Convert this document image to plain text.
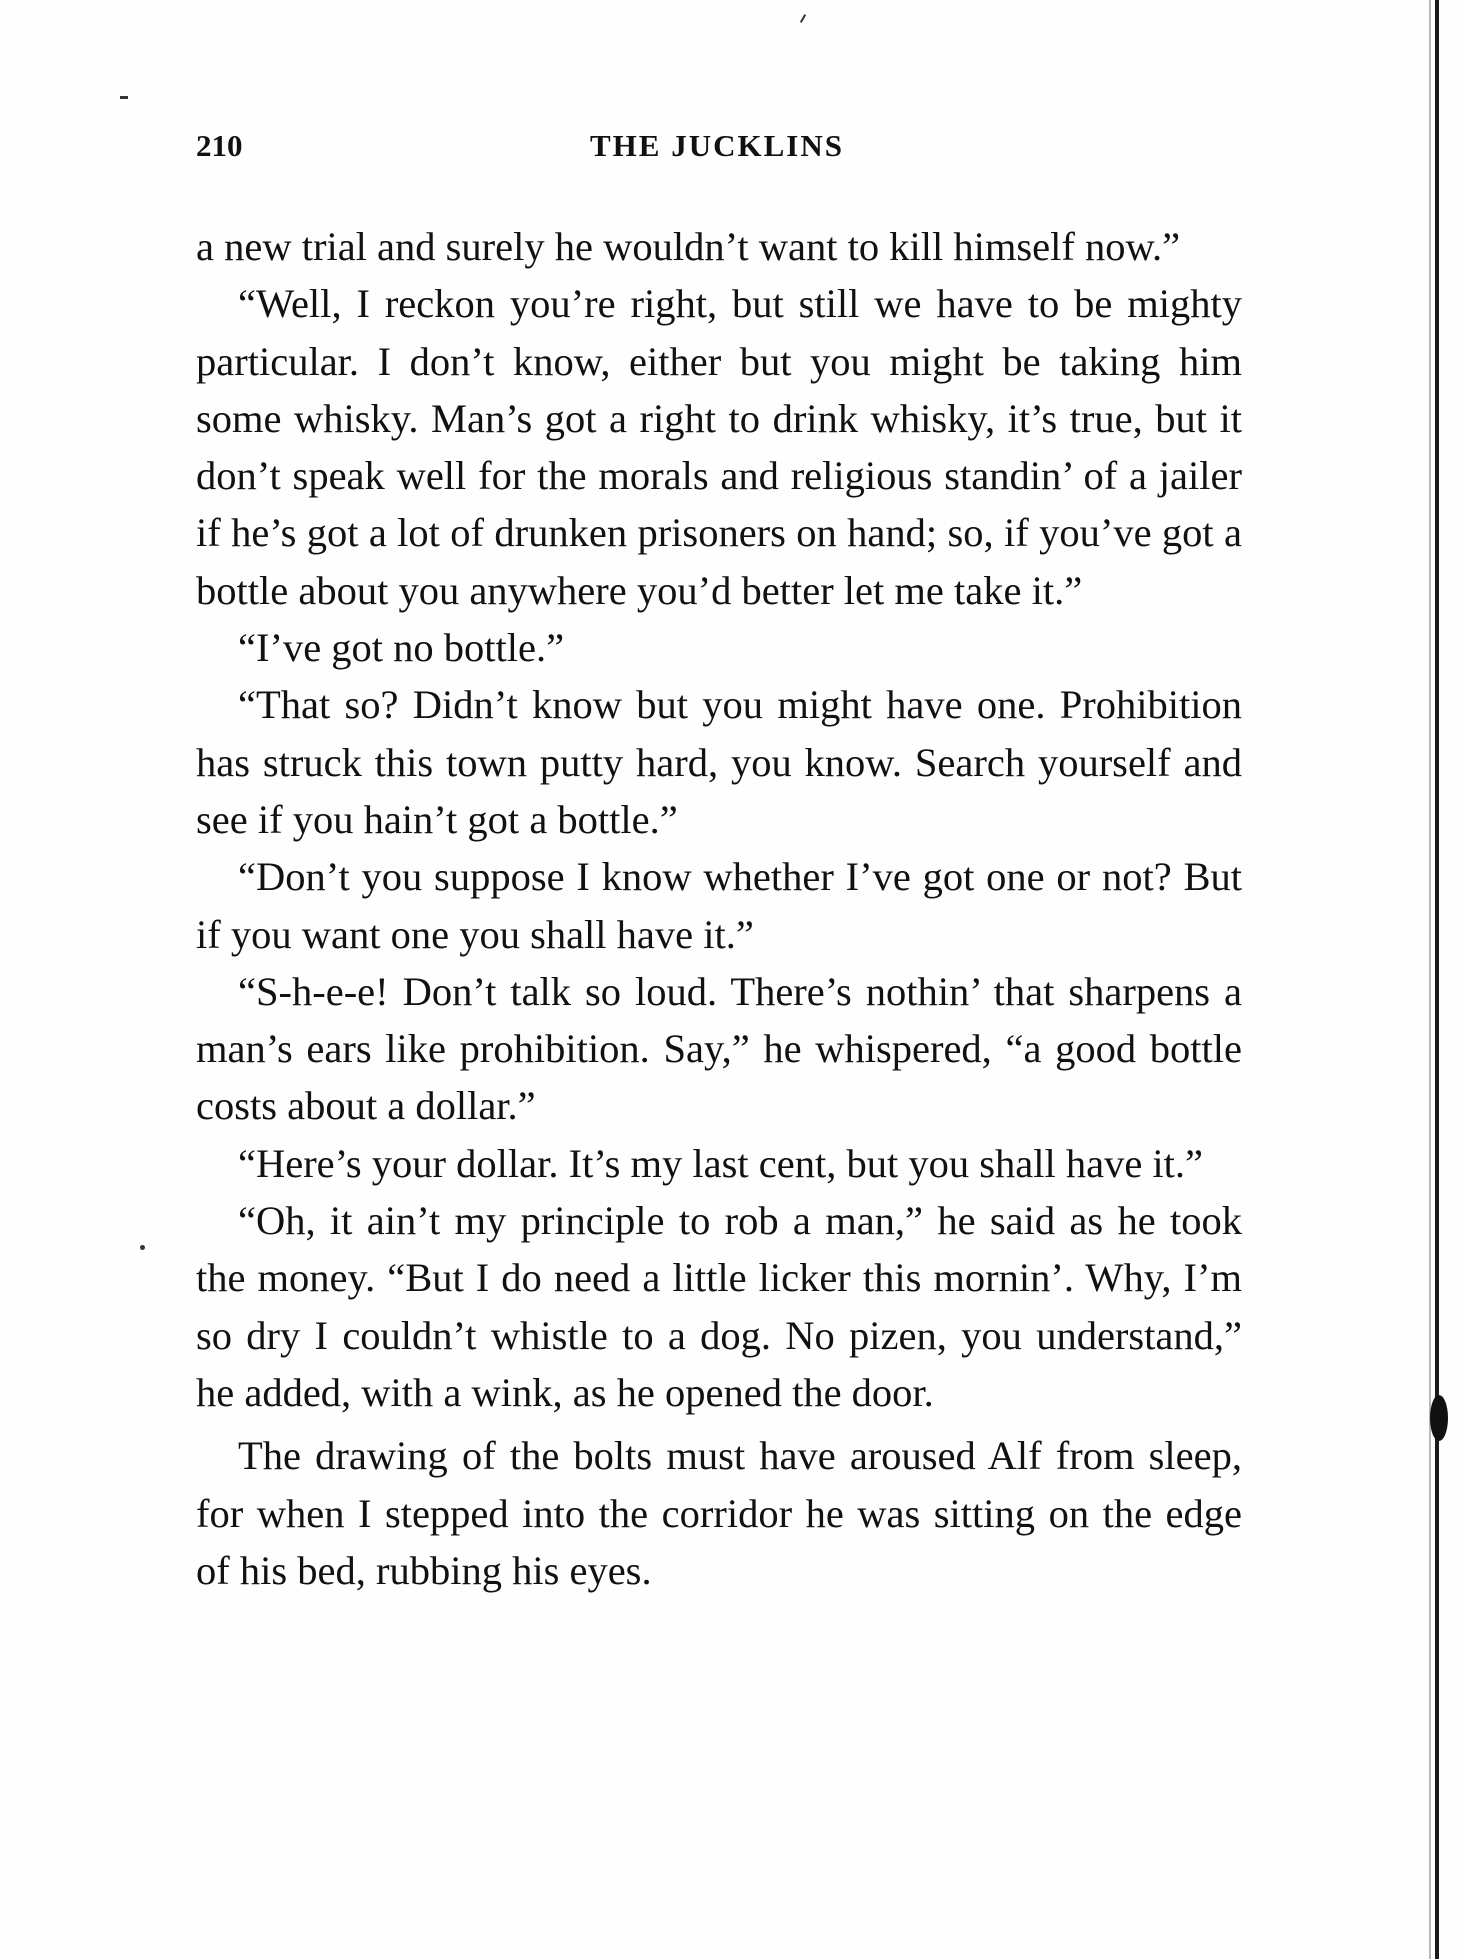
210	THE JUCKLINS

a new trial and surely he wouldn’t want to kill himself now.”

“Well, I reckon you’re right, but still we have to be mighty particular. I don’t know, either but you might be taking him some whisky. Man’s got a right to drink whisky, it’s true, but it don’t speak well for the morals and religious standin’ of a jailer if he’s got a lot of drunken prisoners on hand; so, if you’ve got a bottle about you anywhere you’d better let me take it.”

“I’ve got no bottle.”

“That so? Didn’t know but you might have one. Prohibition has struck this town putty hard, you know. Search yourself and see if you hain’t got a bottle.”

“Don’t you suppose I know whether I’ve got one or not? But if you want one you shall have it.”

“S-h-e-e! Don’t talk so loud. There’s nothin’ that sharpens a man’s ears like prohibition. Say,” he whispered, “a good bottle costs about a dollar.”

“Here’s your dollar. It’s my last cent, but you shall have it.”

“Oh, it ain’t my principle to rob a man,” he said as he took the money. “But I do need a little licker this mornin’. Why, I’m so dry I couldn’t whistle to a dog. No pizen, you understand,” he added, with a wink, as he opened the door.

The drawing of the bolts must have aroused Alf from sleep, for when I stepped into the corridor he was sitting on the edge of his bed, rubbing his eyes.
